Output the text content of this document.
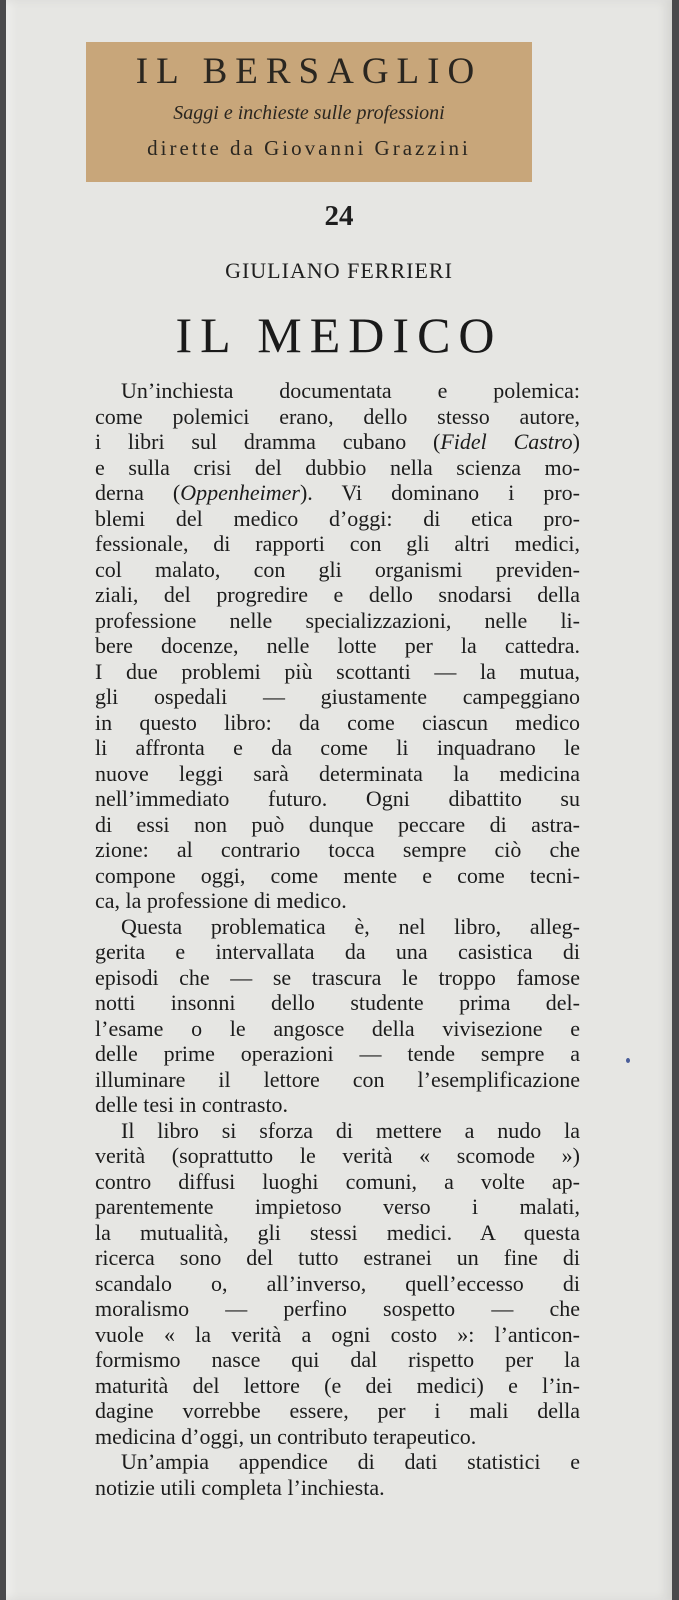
IL BERSAGLIO
Saggi e inchieste sulle professioni
dirette da Giovanni Grazzini
24
GIULIANO FERRIERI
IL MEDICO
Un’inchiesta documentata e polemica:
come polemici erano, dello stesso autore,
i libri sul dramma cubano (Fidel Castro)
e sulla crisi del dubbio nella scienza mo-
derna (Oppenheimer). Vi dominano i pro-
blemi del medico d’oggi: di etica pro-
fessionale, di rapporti con gli altri medici,
col malato, con gli organismi previden-
ziali, del progredire e dello snodarsi della
professione nelle specializzazioni, nelle li-
bere docenze, nelle lotte per la cattedra.
I due problemi più scottanti — la mutua,
gli ospedali — giustamente campeggiano
in questo libro: da come ciascun medico
li affronta e da come li inquadrano le
nuove leggi sarà determinata la medicina
nell’immediato futuro. Ogni dibattito su
di essi non può dunque peccare di astra-
zione: al contrario tocca sempre ciò che
compone oggi, come mente e come tecni-
ca, la professione di medico.
Questa problematica è, nel libro, alleg-
gerita e intervallata da una casistica di
episodi che — se trascura le troppo famose
notti insonni dello studente prima del-
l’esame o le angosce della vivisezione e
delle prime operazioni — tende sempre a
illuminare il lettore con l’esemplificazione
delle tesi in contrasto.
Il libro si sforza di mettere a nudo la
verità (soprattutto le verità « scomode »)
contro diffusi luoghi comuni, a volte ap-
parentemente impietoso verso i malati,
la mutualità, gli stessi medici. A questa
ricerca sono del tutto estranei un fine di
scandalo o, all’inverso, quell’eccesso di
moralismo — perfino sospetto — che
vuole « la verità a ogni costo »: l’anticon-
formismo nasce qui dal rispetto per la
maturità del lettore (e dei medici) e l’in-
dagine vorrebbe essere, per i mali della
medicina d’oggi, un contributo terapeutico.
Un’ampia appendice di dati statistici e
notizie utili completa l’inchiesta.
